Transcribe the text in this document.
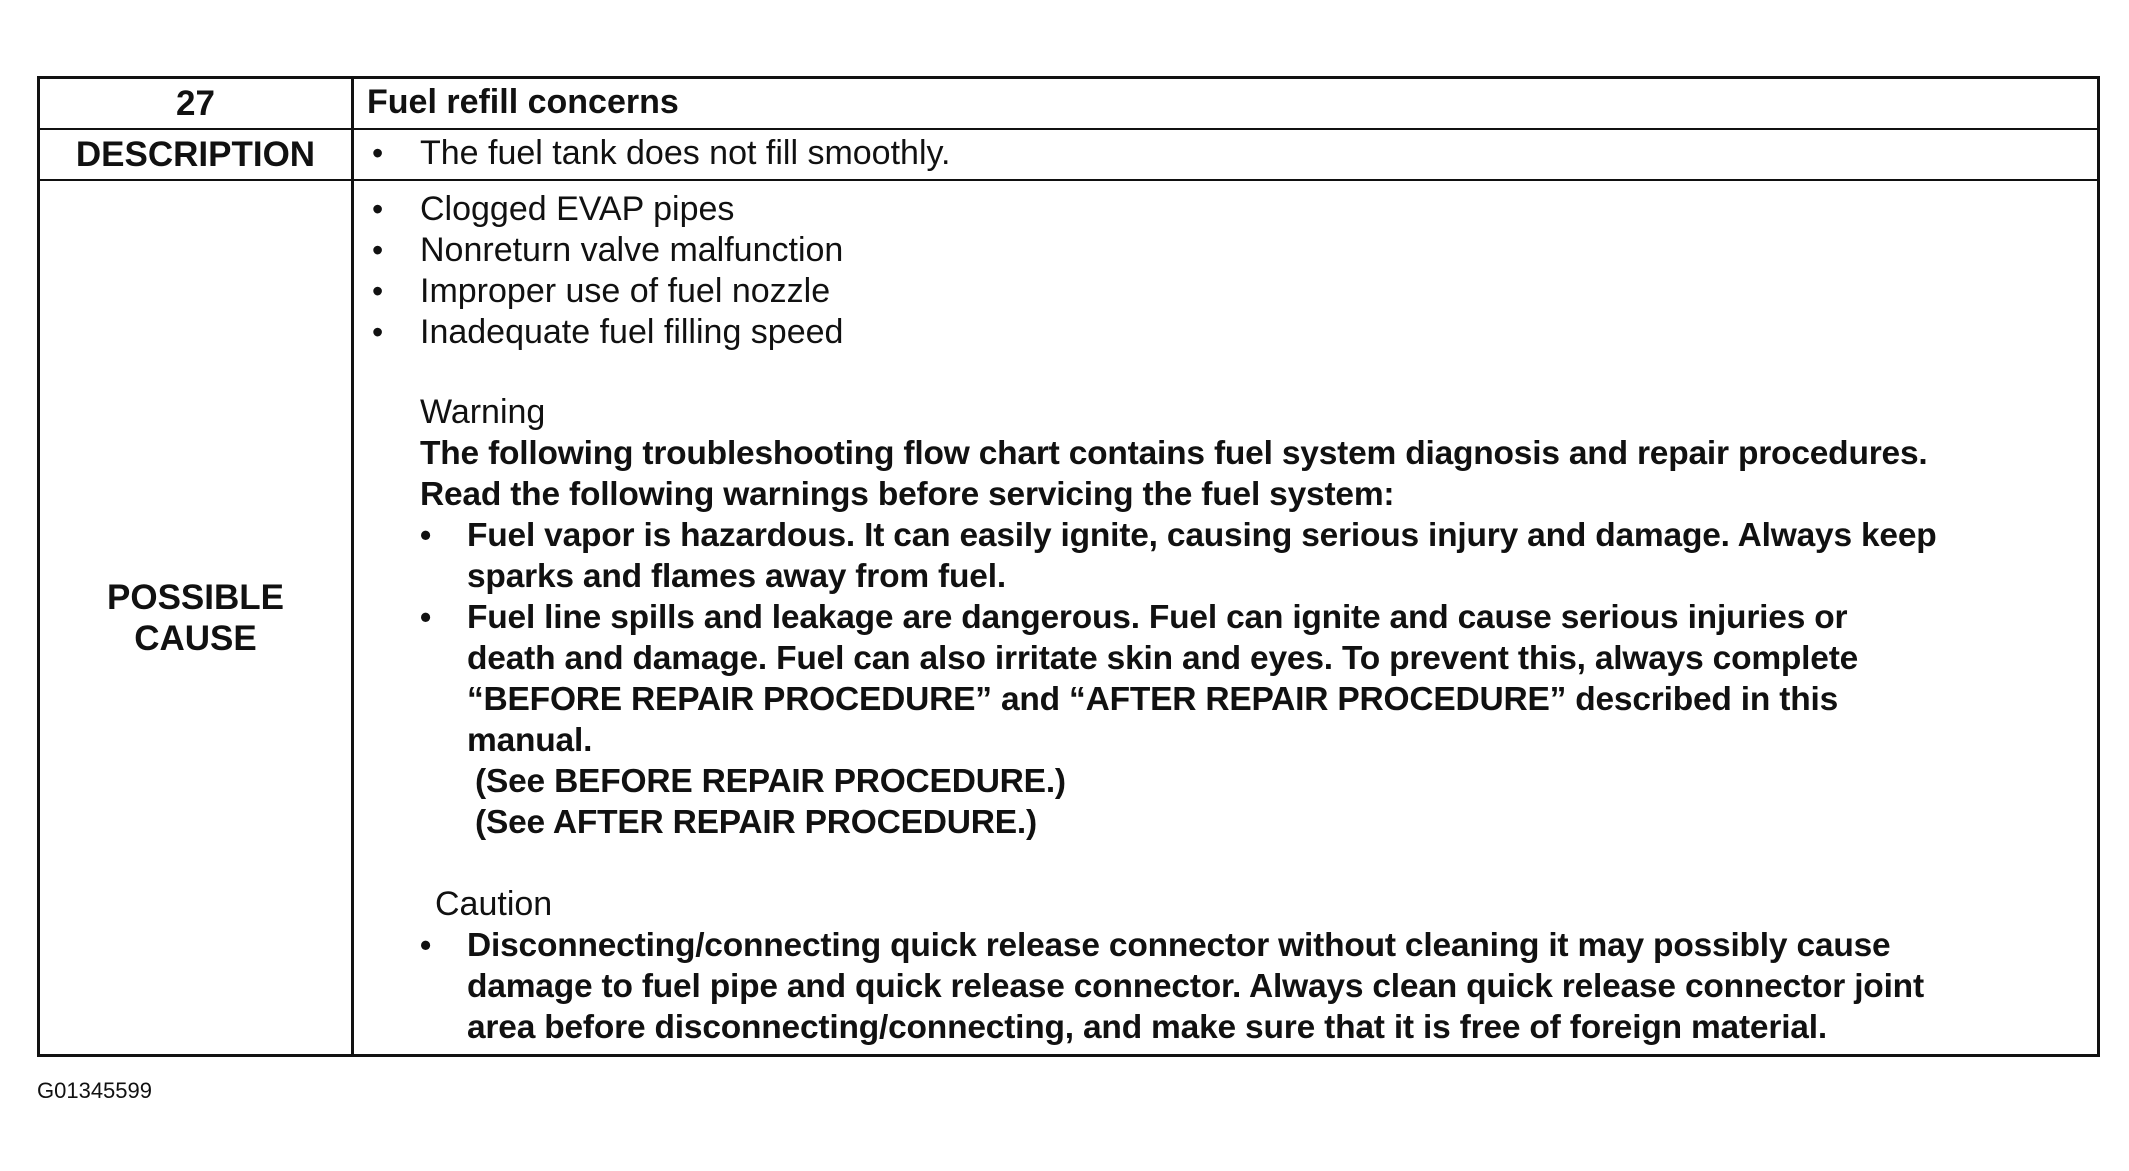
27	Fuel refill concerns
DESCRIPTION
•	The fuel tank does not fill smoothly.
POSSIBLE CAUSE
•
Clogged EVAP pipes
•
Nonreturn valve malfunction
•
Improper use of fuel nozzle
•
Inadequate fuel filling speed
Warning
The following troubleshooting flow chart contains fuel system diagnosis and repair procedures.
Read the following warnings before servicing the fuel system:
•
Fuel vapor is hazardous. It can easily ignite, causing serious injury and damage. Always keep
sparks and flames away from fuel.
•
Fuel line spills and leakage are dangerous. Fuel can ignite and cause serious injuries or
death and damage. Fuel can also irritate skin and eyes. To prevent this, always complete
“BEFORE REPAIR PROCEDURE” and “AFTER REPAIR PROCEDURE” described in this
manual.
(See BEFORE REPAIR PROCEDURE.)
(See AFTER REPAIR PROCEDURE.)
Caution
•
Disconnecting/connecting quick release connector without cleaning it may possibly cause
damage to fuel pipe and quick release connector. Always clean quick release connector joint
area before disconnecting/connecting, and make sure that it is free of foreign material.
G01345599
